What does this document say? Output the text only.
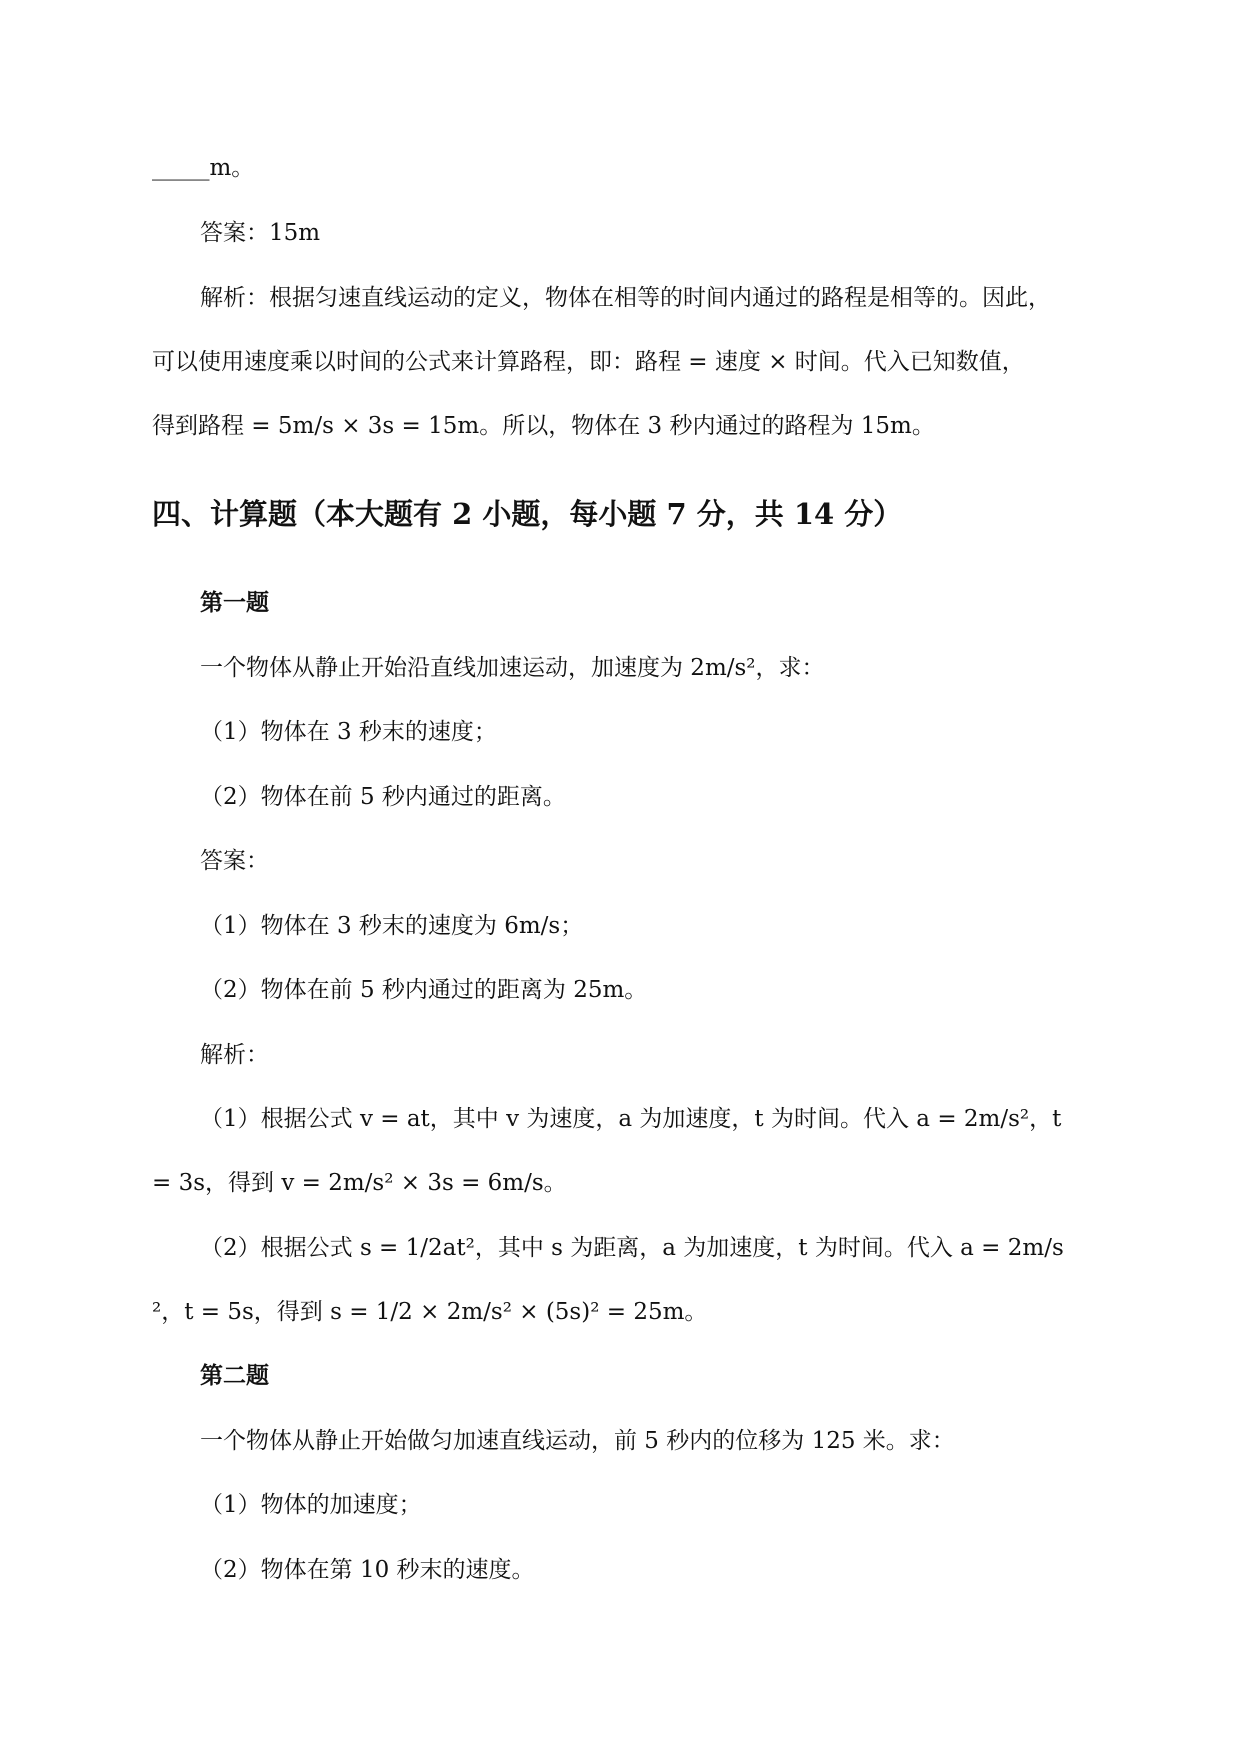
_____m。

答案：15m

解析：根据匀速直线运动的定义，物体在相等的时间内通过的路程是相等的。因此，

可以使用速度乘以时间的公式来计算路程，即：路程 = 速度 × 时间。代入已知数值，

得到路程 = 5m/s × 3s = 15m。所以，物体在 3 秒内通过的路程为 15m。

四、计算题（本大题有 2 小题，每小题 7 分，共 14 分）
第一题

一个物体从静止开始沿直线加速运动，加速度为 2m/s²，求：

（1）物体在 3 秒末的速度；

（2）物体在前 5 秒内通过的距离。

答案：

（1）物体在 3 秒末的速度为 6m/s；

（2）物体在前 5 秒内通过的距离为 25m。

解析：

（1）根据公式 v = at，其中 v 为速度，a 为加速度，t 为时间。代入 a = 2m/s²，t

= 3s，得到 v = 2m/s² × 3s = 6m/s。

（2）根据公式 s = 1/2at²，其中 s 为距离，a 为加速度，t 为时间。代入 a = 2m/s

²，t = 5s，得到 s = 1/2 × 2m/s² × (5s)² = 25m。

第二题

一个物体从静止开始做匀加速直线运动，前 5 秒内的位移为 125 米。求：

（1）物体的加速度；

（2）物体在第 10 秒末的速度。
